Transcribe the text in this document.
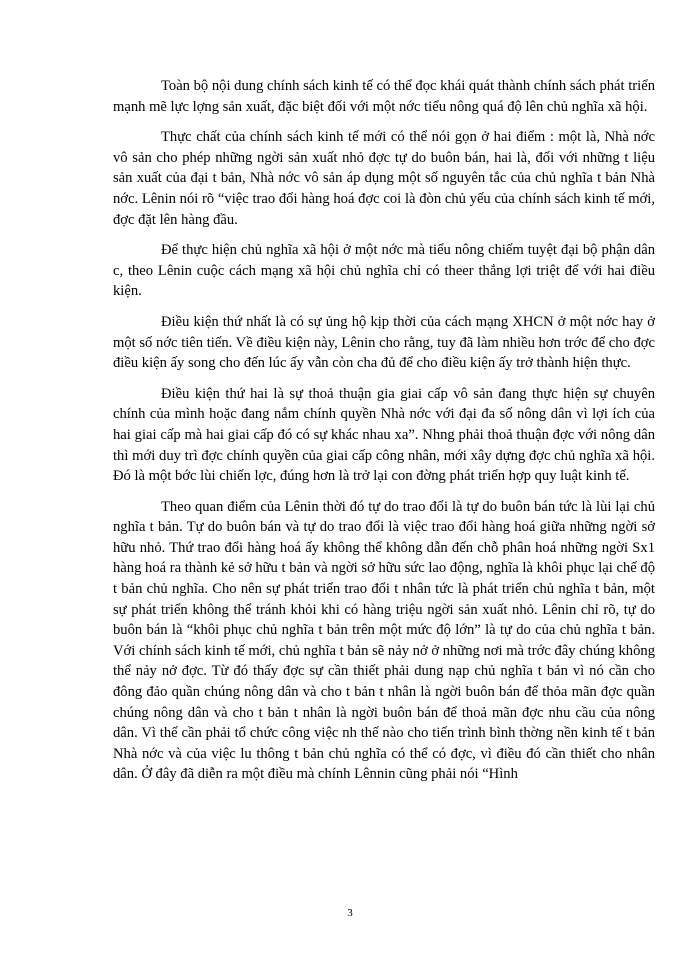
Toàn bộ nội dung chính sách kinh tế có thể đọc khái quát thành chính sách phát triển mạnh mẽ lực lợng sản xuất, đặc biệt đối với một nớc tiểu nông quá độ lên chủ nghĩa xã hội.

Thực chất của chính sách kinh tế mới có thể nói gọn ở hai điểm : một là, Nhà nớc vô sản cho phép những ngời sản xuất nhỏ đợc tự do buôn bán, hai là, đối với những t liệu sản xuất của đại t bản, Nhà nớc vô sản áp dụng một số nguyên tắc của chủ nghĩa t bản Nhà nớc. Lênin nói rõ “việc trao đổi hàng hoá đợc coi là đòn chủ yếu của chính sách kinh tế mới, đợc đặt lên hàng đầu.

Để thực hiện chủ nghĩa xã hội ở một nớc mà tiểu nông chiếm tuyệt đại bộ phận dân c, theo Lênin cuộc cách mạng xã hội chủ nghĩa chỉ có theer thắng lợi triệt để với hai điều kiện.

Điều kiện thứ nhất là có sự ủng hộ kịp thời của cách mạng XHCN ở một nớc hay ở một số nớc tiên tiến. Về điều kiện này, Lênin cho rằng, tuy đã làm nhiều hơn trớc để cho đợc điều kiện ấy song cho đến lúc ấy vẫn còn cha đủ để cho điều kiện ấy trở thành hiện thực.

Điều kiện thứ hai là sự thoả thuận gia giai cấp vô sản đang thực hiện sự chuyên chính của mình hoặc đang nắm chính quyền Nhà nớc với đại đa số nông dân vì lợi ích của hai giai cấp mà hai giai cấp đó có sự khác nhau xa”. Nhng phải thoả thuận đợc với nông dân thì mới duy trì đợc chính quyền của giai cấp công nhân, mới xây dựng đợc chủ nghĩa xã hội. Đó là một bớc lùi chiến lợc, đúng hơn là trở lại con đờng phát triển hợp quy luật kinh tế.

Theo quan điểm của Lênin thời đó tự do trao đổi là tự do buôn bán tức là lùi lại chủ nghĩa t bản. Tự do buôn bán và tự do trao đổi là việc trao đổi hàng hoá giữa những ngời sở hữu nhỏ. Thứ trao đổi hàng hoá ấy không thể không dẫn đến chỗ phân hoá những ngời Sx1 hàng hoá ra thành kẻ sở hữu t bản và ngời sở hữu sức lao động, nghĩa là khôi phục lại chế độ t bản chủ nghĩa. Cho nên sự phát triển trao đổi t nhân tức là phát triển chủ nghĩa t bản, một sự phát triển không thể tránh khỏi khi có hàng triệu ngời sản xuất nhỏ. Lênin chỉ rõ, tự do buôn bán là “khôi phục chủ nghĩa t bản trên một mức độ lớn” là tự do của chủ nghĩa t bản. Với chính sách kinh tế mới, chủ nghĩa t bản sẽ nảy nở ở những nơi mà trớc đây chúng không thể nảy nở đợc. Từ đó thấy đợc sự cần thiết phải dung nạp chủ nghĩa t bản vì nó cần cho đông đảo quần chúng nông dân và cho t bản t nhân là ngời buôn bán để thỏa mãn đợc quần chúng nông dân và cho t bản t nhân là ngời buôn bán để thoả mãn đợc nhu cầu của nông dân. Vì thế cần phải tổ chức công việc nh thế nào cho tiến trình bình thờng nền kinh tế t bản Nhà nớc và của việc lu thông t bản chủ nghĩa có thể có đợc, vì điều đó cần thiết cho nhân dân. Ở đây đã diễn ra một điều mà chính Lênnin cũng phải nói “Hình

3
